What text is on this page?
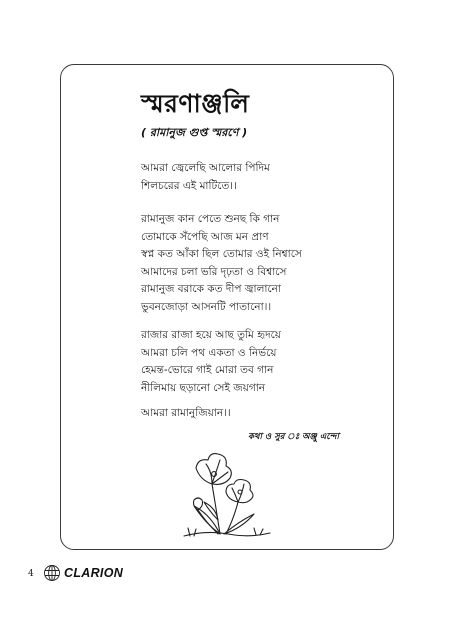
স্মরণাঞ্জলি
( রামানুজ গুপ্ত স্মরণে )
আমরা জ্বেলেছি আলোর পিদিম
শিলচরের এই মাটিতে।।
রামানুজ কান পেতে শুনছ কি গান
তোমাকে সঁপেছি আজ মন প্রাণ
স্বপ্ন কত আঁকা ছিল তোমার ওই নিশ্বাসে
আমাদের চলা ভরি দৃঢ়তা ও বিশ্বাসে
রামানুজ বরাকে কত দীপ জ্বালানো
ভুবনজোড়া আসনটি পাতানো।।
রাজার রাজা হয়ে আছ তুমি হৃদয়ে
আমরা চলি পথ একতা ও নির্ভয়ে
হেমন্ত-ভোরে গাই মোরা তব গান
নীলিমায় ছড়ানো সেই জয়গান
আমরা রামানুজিয়ান।।
কথা ও সুর ঃ অঞ্জু এন্দো
4 CLARION
